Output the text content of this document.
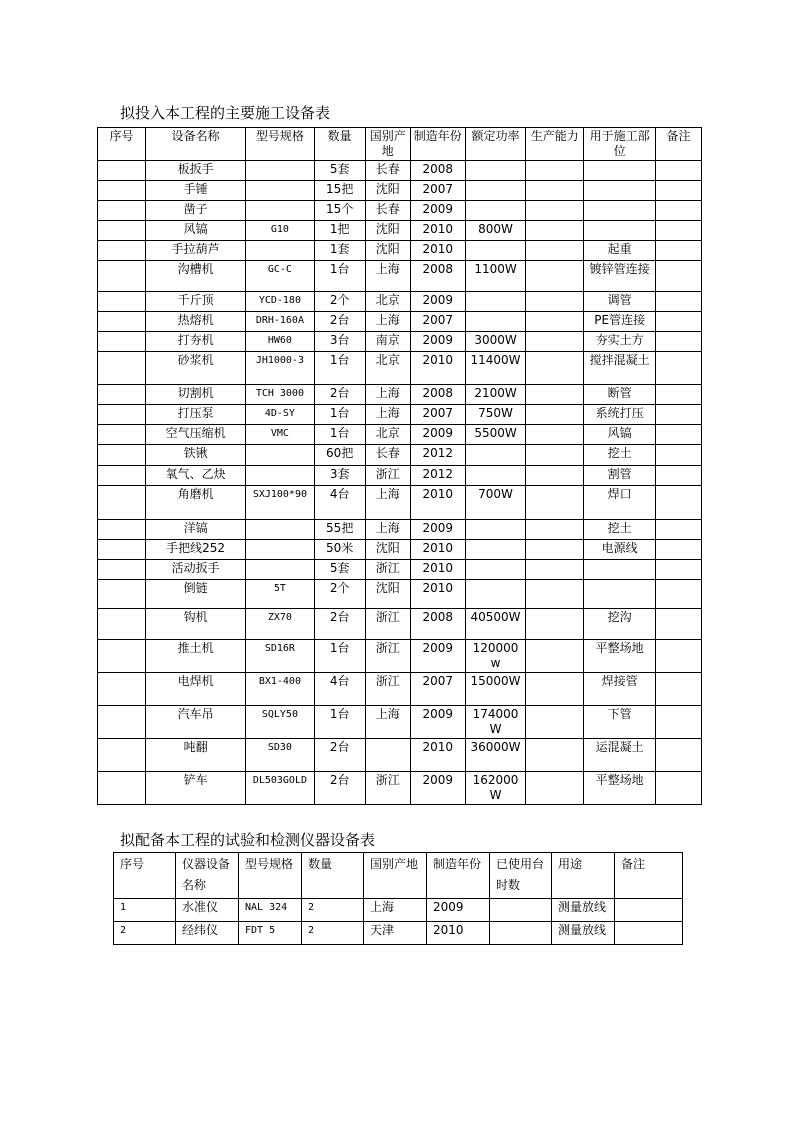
拟投入本工程的主要施工设备表
序号	设备名称	型号规格	数量	国别产地	制造年份	额定功率	生产能力	用于施工部位	备注
	板扳手		5套	长春	2008				
	手锤		15把	沈阳	2007				
	凿子		15个	长春	2009				
	风镐	G10	1把	沈阳	2010	800W			
	手拉葫芦		1套	沈阳	2010			起重	
	沟槽机	GC-C	1台	上海	2008	1100W		镀锌管连接	
	千斤顶	YCD-180	2个	北京	2009			调管	
	热熔机	DRH-160A	2台	上海	2007			PE管连接	
	打夯机	HW60	3台	南京	2009	3000W		夯实土方	
	砂浆机	JH1000-3	1台	北京	2010	11400W		搅拌混凝土	
	切割机	TCH 3000	2台	上海	2008	2100W		断管	
	打压泵	4D-SY	1台	上海	2007	750W		系统打压	
	空气压缩机	VMC	1台	北京	2009	5500W		风镐	
	铁锹		60把	长春	2012			挖土	
	氧气、乙炔		3套	浙江	2012			割管	
	角磨机	SXJ100*90	4台	上海	2010	700W		焊口	
	洋镐		55把	上海	2009			挖土	
	手把线252		50米	沈阳	2010			电源线	
	活动扳手		5套	浙江	2010				
	倒链	5T	2个	沈阳	2010				
	钩机	ZX70	2台	浙江	2008	40500W		挖沟	
	推土机	SD16R	1台	浙江	2009	120000w		平整场地	
	电焊机	BX1-400	4台	浙江	2007	15000W		焊接管	
	汽车吊	SQLY50	1台	上海	2009	174000W		下管	
	吨翻	SD30	2台		2010	36000W		运混凝土	
	铲车	DL503GOLD	2台	浙江	2009	162000W		平整场地	
拟配备本工程的试验和检测仪器设备表
序号	仪器设备名称	型号规格	数量	国别产地	制造年份	已使用台时数	用途	备注
1	水准仪	NAL 324	2	上海	2009		测量放线	
2	经纬仪	FDT 5	2	天津	2010		测量放线	
